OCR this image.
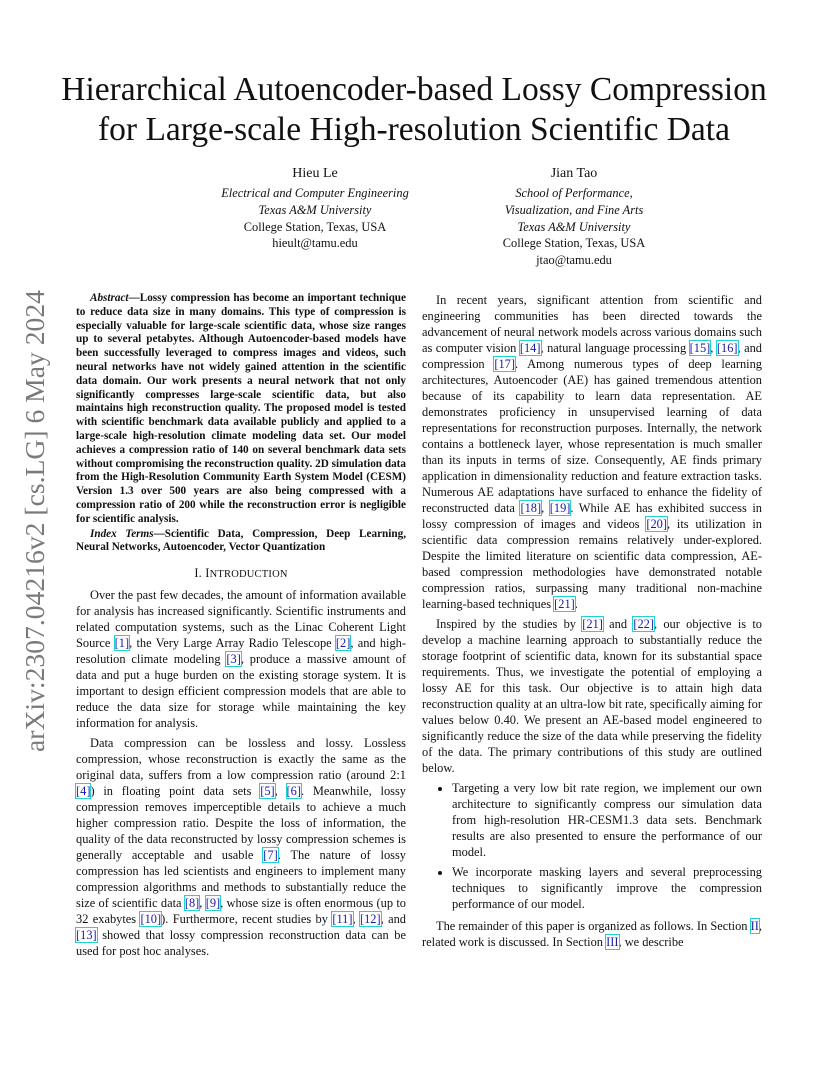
arXiv:2307.04216v2 [cs.LG] 6 May 2024
Hierarchical Autoencoder-based Lossy Compression
for Large-scale High-resolution Scientific Data
Hieu Le
Electrical and Computer Engineering
Texas A&M University
College Station, Texas, USA
hieult@tamu.edu
Jian Tao
School of Performance,
Visualization, and Fine Arts
Texas A&M University
College Station, Texas, USA
jtao@tamu.edu
Abstract—Lossy compression has become an important technique to reduce data size in many domains. This type of compression is especially valuable for large-scale scientific data, whose size ranges up to several petabytes. Although Autoencoder-based models have been successfully leveraged to compress images and videos, such neural networks have not widely gained attention in the scientific data domain. Our work presents a neural network that not only significantly compresses large-scale scientific data, but also maintains high reconstruction quality. The proposed model is tested with scientific benchmark data available publicly and applied to a large-scale high-resolution climate modeling data set. Our model achieves a compression ratio of 140 on several benchmark data sets without compromising the reconstruction quality. 2D simulation data from the High-Resolution Community Earth System Model (CESM) Version 1.3 over 500 years are also being compressed with a compression ratio of 200 while the reconstruction error is negligible for scientific analysis.
Index Terms—Scientific Data, Compression, Deep Learning, Neural Networks, Autoencoder, Vector Quantization
I. INTRODUCTION

Over the past few decades, the amount of information available for analysis has increased significantly. Scientific instruments and related computation systems, such as the Linac Coherent Light Source [1], the Very Large Array Radio Telescope [2], and high-resolution climate modeling [3], produce a massive amount of data and put a huge burden on the existing storage system. It is important to design efficient compression models that are able to reduce the data size for storage while maintaining the key information for analysis.

Data compression can be lossless and lossy. Lossless compression, whose reconstruction is exactly the same as the original data, suffers from a low compression ratio (around 2:1 [4]) in floating point data sets [5], [6]. Meanwhile, lossy compression removes imperceptible details to achieve a much higher compression ratio. Despite the loss of information, the quality of the data reconstructed by lossy compression schemes is generally acceptable and usable [7]. The nature of lossy compression has led scientists and engineers to implement many compression algorithms and methods to substantially reduce the size of scientific data [8], [9], whose size is often enormous (up to 32 exabytes [10]). Furthermore, recent studies by [11], [12], and [13] showed that lossy compression reconstruction data can be used for post hoc analyses.

In recent years, significant attention from scientific and engineering communities has been directed towards the advancement of neural network models across various domains such as computer vision [14], natural language processing [15], [16], and compression [17]. Among numerous types of deep learning architectures, Autoencoder (AE) has gained tremendous attention because of its capability to learn data representation. AE demonstrates proficiency in unsupervised learning of data representations for reconstruction purposes. Internally, the network contains a bottleneck layer, whose representation is much smaller than its inputs in terms of size. Consequently, AE finds primary application in dimensionality reduction and feature extraction tasks. Numerous AE adaptations have surfaced to enhance the fidelity of reconstructed data [18], [19]. While AE has exhibited success in lossy compression of images and videos [20], its utilization in scientific data compression remains relatively under-explored. Despite the limited literature on scientific data compression, AE-based compression methodologies have demonstrated notable compression ratios, surpassing many traditional non-machine learning-based techniques [21].

Inspired by the studies by [21] and [22], our objective is to develop a machine learning approach to substantially reduce the storage footprint of scientific data, known for its substantial space requirements. Thus, we investigate the potential of employing a lossy AE for this task. Our objective is to attain high data reconstruction quality at an ultra-low bit rate, specifically aiming for values below 0.40. We present an AE-based model engineered to significantly reduce the size of the data while preserving the fidelity of the data. The primary contributions of this study are outlined below.

• Targeting a very low bit rate region, we implement our own architecture to significantly compress our simulation data from high-resolution HR-CESM1.3 data sets. Benchmark results are also presented to ensure the performance of our model.
• We incorporate masking layers and several preprocessing techniques to significantly improve the compression performance of our model.

The remainder of this paper is organized as follows. In Section II, related work is discussed. In Section III, we describe
